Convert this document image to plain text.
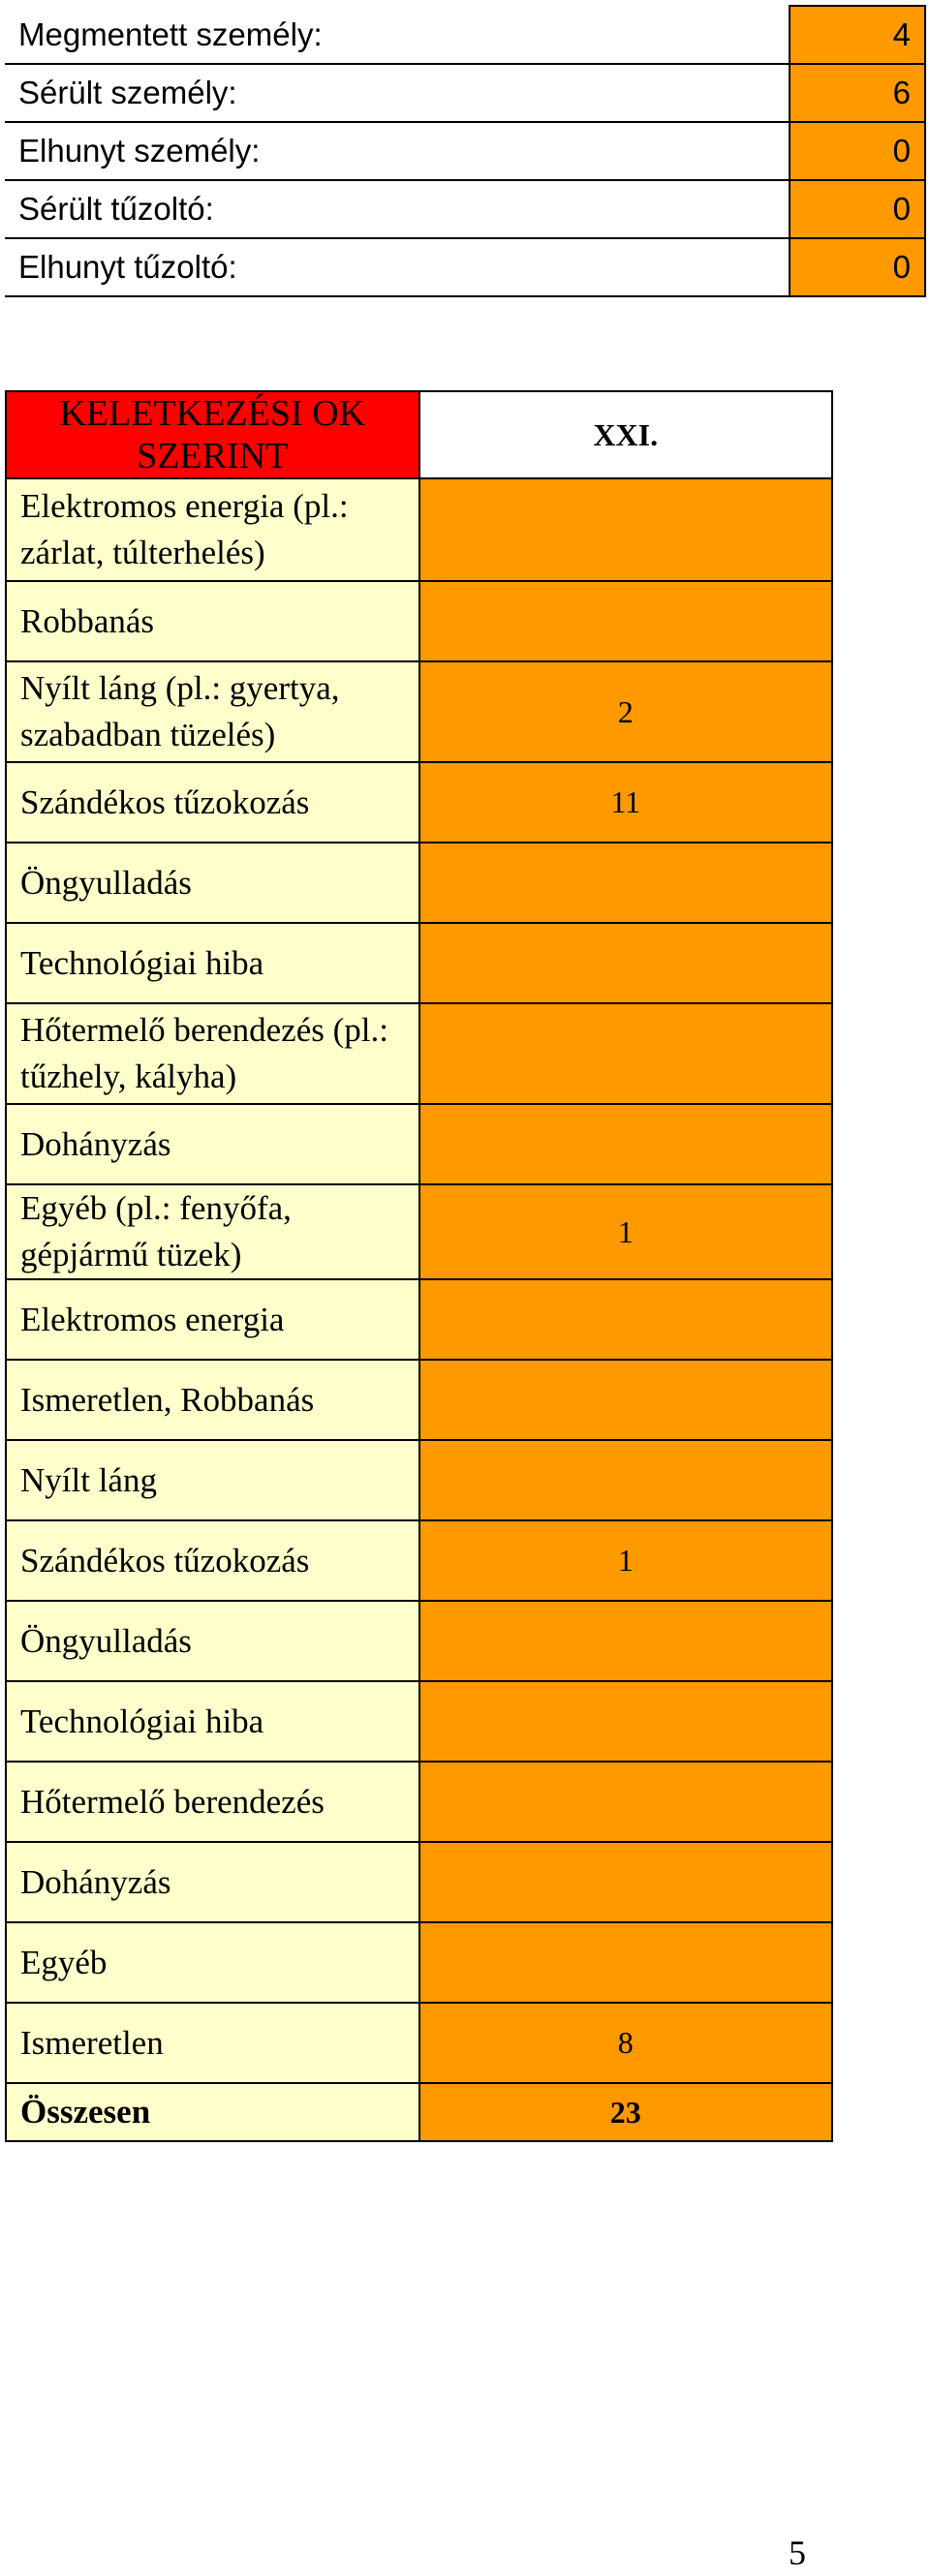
Megmentett személy:	4
Sérült személy:	6
Elhunyt személy:	0
Sérült tűzoltó:	0
Elhunyt tűzoltó:	0
KELETKEZÉSI OK SZERINT	XXI.
Elektromos energia (pl.: zárlat, túlterhelés)	
Robbanás	
Nyílt láng (pl.: gyertya, szabadban tüzelés)	2
Szándékos tűzokozás	11
Öngyulladás	
Technológiai hiba	
Hőtermelő berendezés (pl.: tűzhely, kályha)	
Dohányzás	
Egyéb (pl.: fenyőfa, gépjármű tüzek)	1
Elektromos energia	
Ismeretlen, Robbanás	
Nyílt láng	
Szándékos tűzokozás	1
Öngyulladás	
Technológiai hiba	
Hőtermelő berendezés	
Dohányzás	
Egyéb	
Ismeretlen	8
Összesen	23
5
